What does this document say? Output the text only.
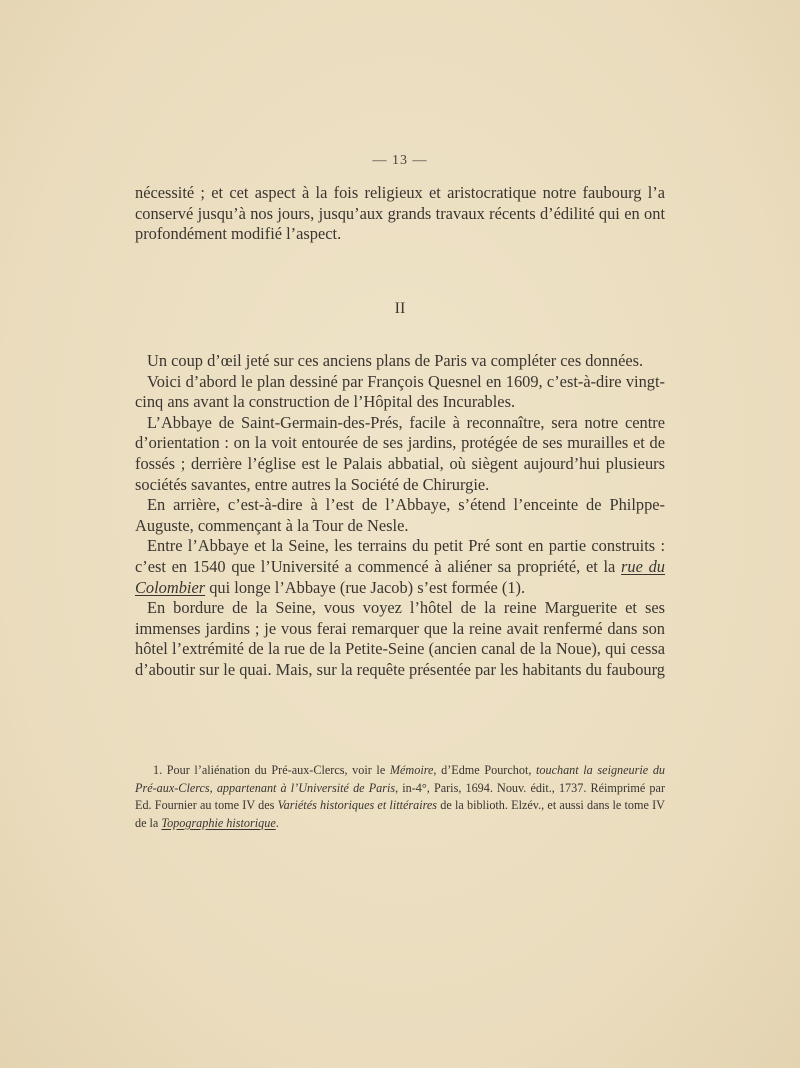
— 13 —

nécessité ; et cet aspect à la fois religieux et aristocratique notre faubourg l’a conservé jusqu’à nos jours, jusqu’aux grands travaux récents d’édilité qui en ont profondément modifié l’aspect.

II

Un coup d’œil jeté sur ces anciens plans de Paris va compléter ces données.

Voici d’abord le plan dessiné par François Quesnel en 1609, c’est-à-dire vingt-cinq ans avant la construction de l’Hôpital des Incurables.

L’Abbaye de Saint-Germain-des-Prés, facile à reconnaître, sera notre centre d’orientation : on la voit entourée de ses jardins, protégée de ses murailles et de fossés ; derrière l’église est le Palais abbatial, où siègent aujourd’hui plusieurs sociétés savantes, entre autres la Société de Chirurgie.

En arrière, c’est-à-dire à l’est de l’Abbaye, s’étend l’enceinte de Philppe-Auguste, commençant à la Tour de Nesle.

Entre l’Abbaye et la Seine, les terrains du petit Pré sont en partie construits : c’est en 1540 que l’Université a commencé à aliéner sa propriété, et la rue du Colombier qui longe l’Abbaye (rue Jacob) s’est formée (1).

En bordure de la Seine, vous voyez l’hôtel de la reine Marguerite et ses immenses jardins ; je vous ferai remarquer que la reine avait renfermé dans son hôtel l’extrémité de la rue de la Petite-Seine (ancien canal de la Noue), qui cessa d’aboutir sur le quai. Mais, sur la requête présentée par les habitants du faubourg

1. Pour l’aliénation du Pré-aux-Clercs, voir le Mémoire, d’Edme Pourchot, touchant la seigneurie du Pré-aux-Clercs, appartenant à l’Université de Paris, in-4°, Paris, 1694. Nouv. édit., 1737. Réimprimé par Ed. Fournier au tome IV des Variétés historiques et littéraires de la biblioth. Elzév., et aussi dans le tome IV de la Topographie historique.
